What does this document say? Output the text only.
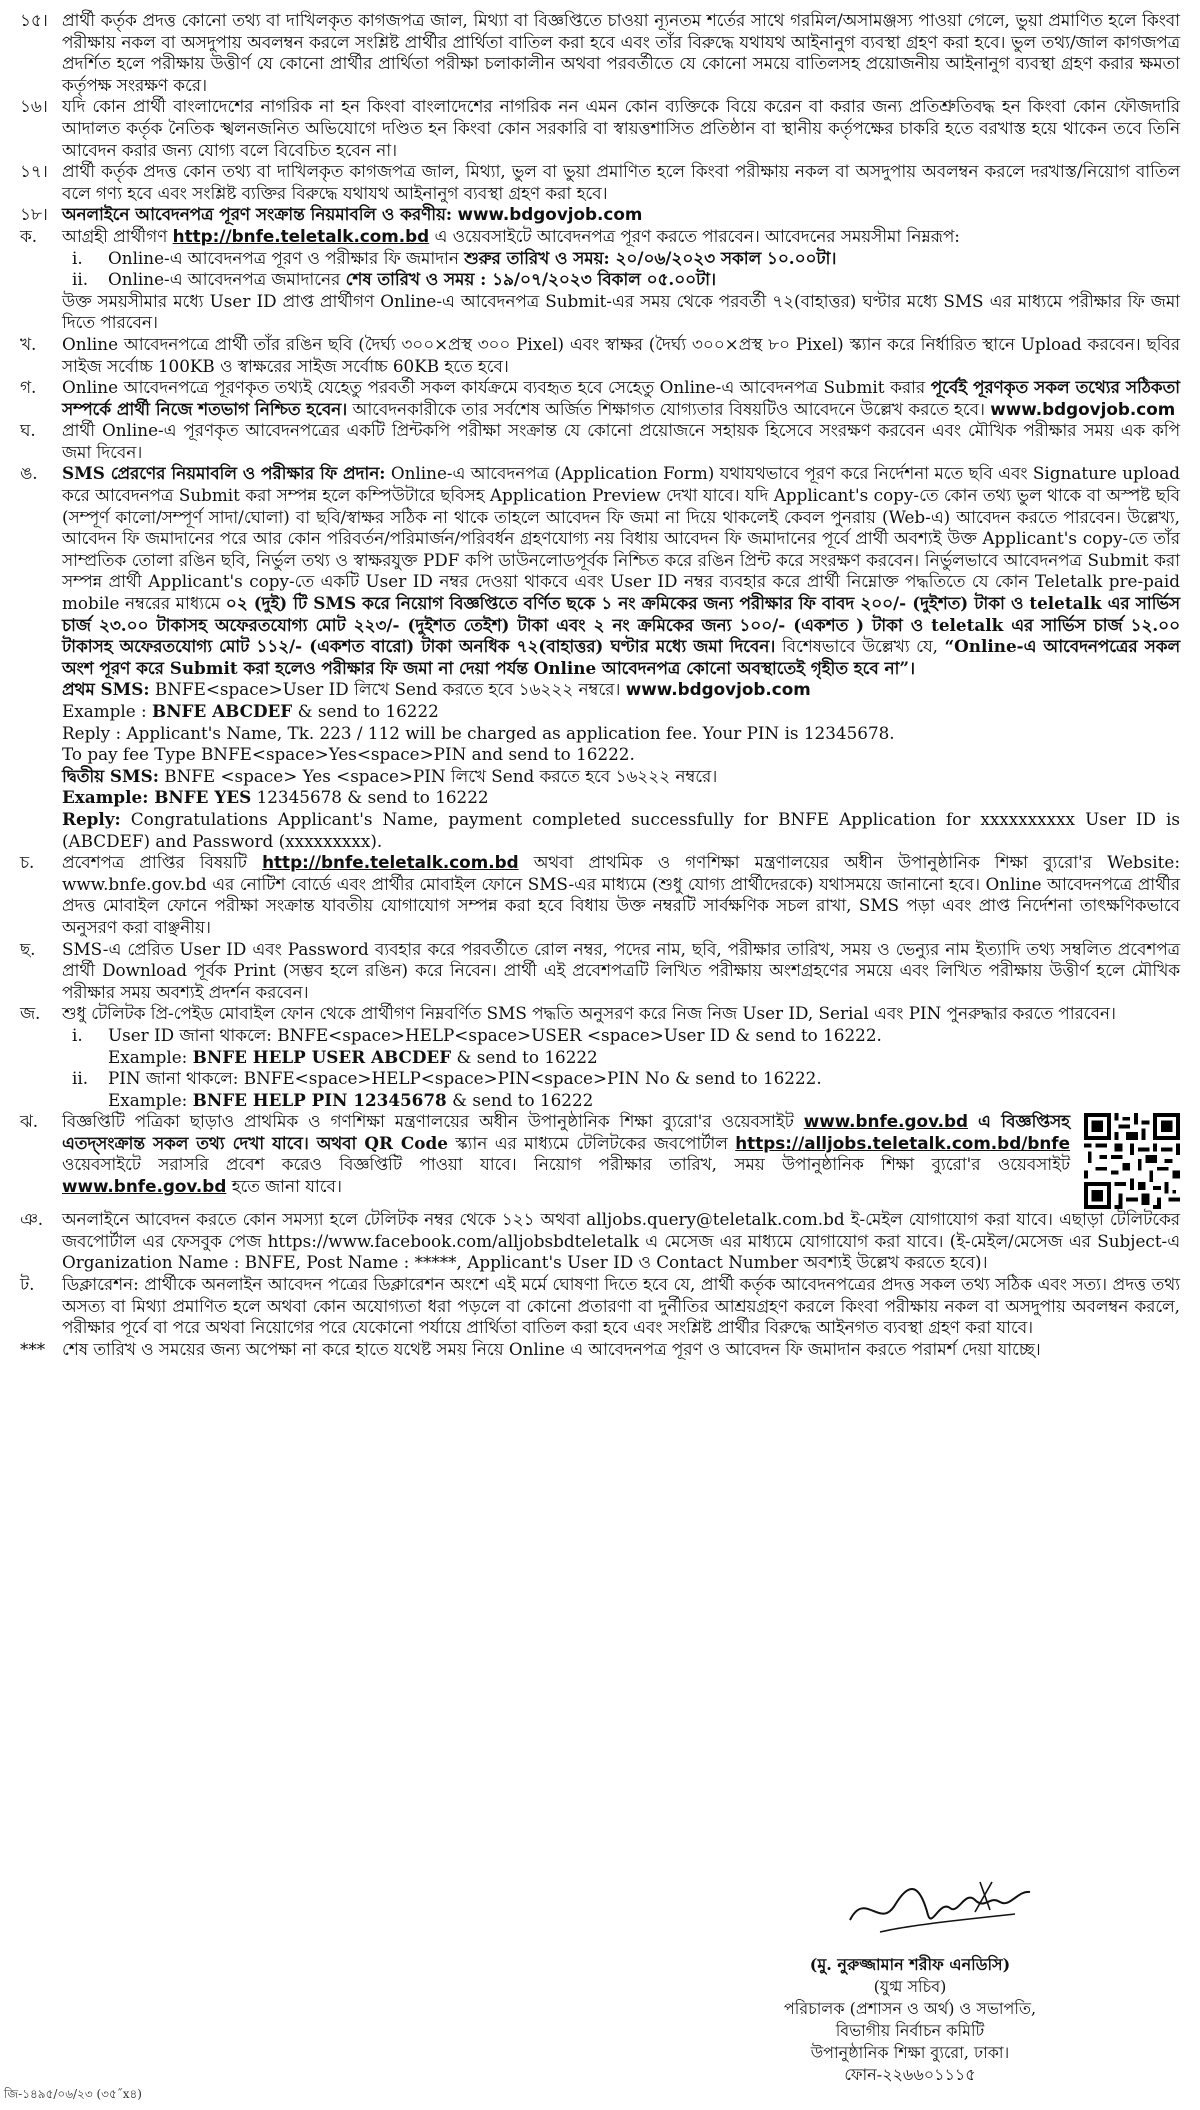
১৫। প্রার্থী কর্তৃক প্রদত্ত কোনো তথ্য বা দাখিলকৃত কাগজপত্র জাল, মিথ্যা বা বিজ্ঞপ্তিতে চাওয়া ন্যূনতম শর্তের সাথে গরমিল/অসামঞ্জস্য পাওয়া গেলে, ভুয়া প্রমাণিত হলে কিংবা পরীক্ষায় নকল বা অসদুপায় অবলম্বন করলে সংশ্লিষ্ট প্রার্থীর প্রার্থিতা বাতিল করা হবে এবং তাঁর বিরুদ্ধে যথাযথ আইনানুগ ব্যবস্থা গ্রহণ করা হবে। ভুল তথ্য/জাল কাগজপত্র প্রদর্শিত হলে পরীক্ষায় উত্তীর্ণ যে কোনো প্রার্থীর প্রার্থিতা পরীক্ষা চলাকালীন অথবা পরবর্তীতে যে কোনো সময়ে বাতিলসহ প্রয়োজনীয় আইনানুগ ব্যবস্থা গ্রহণ করার ক্ষমতা কর্তৃপক্ষ সংরক্ষণ করে।
১৬। যদি কোন প্রার্থী বাংলাদেশের নাগরিক না হন কিংবা বাংলাদেশের নাগরিক নন এমন কোন ব্যক্তিকে বিয়ে করেন বা করার জন্য প্রতিশ্রুতিবদ্ধ হন কিংবা কোন ফৌজদারি আদালত কর্তৃক নৈতিক স্খলনজনিত অভিযোগে দণ্ডিত হন কিংবা কোন সরকারি বা স্বায়ত্তশাসিত প্রতিষ্ঠান বা স্থানীয় কর্তৃপক্ষের চাকরি হতে বরখাস্ত হয়ে থাকেন তবে তিনি আবেদন করার জন্য যোগ্য বলে বিবেচিত হবেন না।
১৭। প্রার্থী কর্তৃক প্রদত্ত কোন তথ্য বা দাখিলকৃত কাগজপত্র জাল, মিথ্যা, ভুল বা ভুয়া প্রমাণিত হলে কিংবা পরীক্ষায় নকল বা অসদুপায় অবলম্বন করলে দরখাস্ত/নিয়োগ বাতিল বলে গণ্য হবে এবং সংশ্লিষ্ট ব্যক্তির বিরুদ্ধে যথাযথ আইনানুগ ব্যবস্থা গ্রহণ করা হবে।
১৮। অনলাইনে আবেদনপত্র পূরণ সংক্রান্ত নিয়মাবলি ও করণীয়: www.bdgovjob.com
ক.	আগ্রহী প্রার্থীগণ http://bnfe.teletalk.com.bd এ ওয়েবসাইটে আবেদনপত্র পূরণ করতে পারবেন। আবেদনের সময়সীমা নিম্নরূপ:
i.	Online-এ আবেদনপত্র পূরণ ও পরীক্ষার ফি জমাদান শুরুর তারিখ ও সময়: ২০/০৬/২০২৩ সকাল ১০.০০টা।
ii.	Online-এ আবেদনপত্র জমাদানের শেষ তারিখ ও সময় : ১৯/০৭/২০২৩ বিকাল ০৫.০০টা।
উক্ত সময়সীমার মধ্যে User ID প্রাপ্ত প্রার্থীগণ Online-এ আবেদনপত্র Submit-এর সময় থেকে পরবর্তী ৭২(বাহাত্তর) ঘণ্টার মধ্যে SMS এর মাধ্যমে পরীক্ষার ফি জমা দিতে পারবেন।
খ.	Online আবেদনপত্রে প্রার্থী তাঁর রঙিন ছবি (দৈর্ঘ্য ৩০০×প্রস্থ ৩০০ Pixel) এবং স্বাক্ষর (দৈর্ঘ্য ৩০০×প্রস্থ ৮০ Pixel) স্ক্যান করে নির্ধারিত স্থানে Upload করবেন। ছবির সাইজ সর্বোচ্চ 100KB ও স্বাক্ষরের সাইজ সর্বোচ্চ 60KB হতে হবে।
গ.	Online আবেদনপত্রে পূরণকৃত তথ্যই যেহেতু পরবর্তী সকল কার্যক্রমে ব্যবহৃত হবে সেহেতু Online-এ আবেদনপত্র Submit করার পূর্বেই পূরণকৃত সকল তথ্যের সঠিকতা সম্পর্কে প্রার্থী নিজে শতভাগ নিশ্চিত হবেন। আবেদনকারীকে তার সর্বশেষ অর্জিত শিক্ষাগত যোগ্যতার বিষয়টিও আবেদনে উল্লেখ করতে হবে। www.bdgovjob.com
ঘ.	প্রার্থী Online-এ পূরণকৃত আবেদনপত্রের একটি প্রিন্টকপি পরীক্ষা সংক্রান্ত যে কোনো প্রয়োজনে সহায়ক হিসেবে সংরক্ষণ করবেন এবং মৌখিক পরীক্ষার সময় এক কপি জমা দিবেন।
ঙ.	SMS প্রেরণের নিয়মাবলি ও পরীক্ষার ফি প্রদান: Online-এ আবেদনপত্র (Application Form) যথাযথভাবে পূরণ করে নির্দেশনা মতে ছবি এবং Signature upload করে আবেদনপত্র Submit করা সম্পন্ন হলে কম্পিউটারে ছবিসহ Application Preview দেখা যাবে। যদি Applicant's copy-তে কোন তথ্য ভুল থাকে বা অস্পষ্ট ছবি (সম্পূর্ণ কালো/সম্পূর্ণ সাদা/ঘোলা) বা ছবি/স্বাক্ষর সঠিক না থাকে তাহলে আবেদন ফি জমা না দিয়ে থাকলেই কেবল পুনরায় (Web-এ) আবেদন করতে পারবেন। উল্লেখ্য, আবেদন ফি জমাদানের পরে আর কোন পরিবর্তন/পরিমার্জন/পরিবর্ধন গ্রহণযোগ্য নয় বিধায় আবেদন ফি জমাদানের পূর্বে প্রার্থী অবশ্যই উক্ত Applicant's copy-তে তাঁর সাম্প্রতিক তোলা রঙিন ছবি, নির্ভুল তথ্য ও স্বাক্ষরযুক্ত PDF কপি ডাউনলোডপূর্বক নিশ্চিত করে রঙিন প্রিন্ট করে সংরক্ষণ করবেন। নির্ভুলভাবে আবেদনপত্র Submit করা সম্পন্ন প্রার্থী Applicant's copy-তে একটি User ID নম্বর দেওয়া থাকবে এবং User ID নম্বর ব্যবহার করে প্রার্থী নিম্নোক্ত পদ্ধতিতে যে কোন Teletalk pre-paid mobile নম্বরের মাধ্যমে ০২ (দুই) টি SMS করে নিয়োগ বিজ্ঞপ্তিতে বর্ণিত ছকে ১ নং ক্রমিকের জন্য পরীক্ষার ফি বাবদ ২০০/- (দুইশত) টাকা ও teletalk এর সার্ভিস চার্জ ২৩.০০ টাকাসহ অফেরতযোগ্য মোট ২২৩/- (দুইশত তেইশ) টাকা এবং ২ নং ক্রমিকের জন্য ১০০/- (একশত ) টাকা ও teletalk এর সার্ভিস চার্জ ১২.০০ টাকাসহ অফেরতযোগ্য মোট ১১২/- (একশত বারো) টাকা অনধিক ৭২(বাহাত্তর) ঘণ্টার মধ্যে জমা দিবেন। বিশেষভাবে উল্লেখ্য যে, “Online-এ আবেদনপত্রের সকল অংশ পূরণ করে Submit করা হলেও পরীক্ষার ফি জমা না দেয়া পর্যন্ত Online আবেদনপত্র কোনো অবস্থাতেই গৃহীত হবে না”।
প্রথম SMS: BNFE<space>User ID লিখে Send করতে হবে ১৬২২২ নম্বরে। www.bdgovjob.com
Example : BNFE ABCDEF & send to 16222
Reply : Applicant's Name, Tk. 223 / 112 will be charged as application fee. Your PIN is 12345678.
To pay fee Type BNFE<space>Yes<space>PIN and send to 16222.
দ্বিতীয় SMS: BNFE <space> Yes <space>PIN লিখে Send করতে হবে ১৬২২২ নম্বরে।
Example: BNFE YES 12345678 & send to 16222
Reply: Congratulations Applicant's Name, payment completed successfully for BNFE Application for xxxxxxxxxx User ID is (ABCDEF) and Password (xxxxxxxxx).
চ.	প্রবেশপত্র প্রাপ্তির বিষয়টি http://bnfe.teletalk.com.bd অথবা প্রাথমিক ও গণশিক্ষা মন্ত্রণালয়ের অধীন উপানুষ্ঠানিক শিক্ষা ব্যুরো'র Website: www.bnfe.gov.bd এর নোটিশ বোর্ডে এবং প্রার্থীর মোবাইল ফোনে SMS-এর মাধ্যমে (শুধু যোগ্য প্রার্থীদেরকে) যথাসময়ে জানানো হবে। Online আবেদনপত্রে প্রার্থীর প্রদত্ত মোবাইল ফোনে পরীক্ষা সংক্রান্ত যাবতীয় যোগাযোগ সম্পন্ন করা হবে বিধায় উক্ত নম্বরটি সার্বক্ষণিক সচল রাখা, SMS পড়া এবং প্রাপ্ত নির্দেশনা তাৎক্ষণিকভাবে অনুসরণ করা বাঞ্ছনীয়।
ছ.	SMS-এ প্রেরিত User ID এবং Password ব্যবহার করে পরবর্তীতে রোল নম্বর, পদের নাম, ছবি, পরীক্ষার তারিখ, সময় ও ভেন্যুর নাম ইত্যাদি তথ্য সম্বলিত প্রবেশপত্র প্রার্থী Download পূর্বক Print (সম্ভব হলে রঙিন) করে নিবেন। প্রার্থী এই প্রবেশপত্রটি লিখিত পরীক্ষায় অংশগ্রহণের সময়ে এবং লিখিত পরীক্ষায় উত্তীর্ণ হলে মৌখিক পরীক্ষার সময় অবশ্যই প্রদর্শন করবেন।
জ.	শুধু টেলিটক প্রি-পেইড মোবাইল ফোন থেকে প্রার্থীগণ নিম্নবর্ণিত SMS পদ্ধতি অনুসরণ করে নিজ নিজ User ID, Serial এবং PIN পুনরুদ্ধার করতে পারবেন।
i.	User ID জানা থাকলে: BNFE<space>HELP<space>USER <space>User ID & send to 16222.
Example: BNFE HELP USER ABCDEF & send to 16222
ii.	PIN জানা থাকলে: BNFE<space>HELP<space>PIN<space>PIN No & send to 16222.
Example: BNFE HELP PIN 12345678 & send to 16222
ঝ.	বিজ্ঞপ্তিটি পত্রিকা ছাড়াও প্রাথমিক ও গণশিক্ষা মন্ত্রণালয়ের অধীন উপানুষ্ঠানিক শিক্ষা ব্যুরো'র ওয়েবসাইট www.bnfe.gov.bd এ বিজ্ঞপ্তিসহ এতদ্‌সংক্রান্ত সকল তথ্য দেখা যাবে। অথবা QR Code স্ক্যান এর মাধ্যমে টেলিটকের জবপোর্টাল https://alljobs.teletalk.com.bd/bnfe ওয়েবসাইটে সরাসরি প্রবেশ করেও বিজ্ঞপ্তিটি পাওয়া যাবে। নিয়োগ পরীক্ষার তারিখ, সময় উপানুষ্ঠানিক শিক্ষা ব্যুরো'র ওয়েবসাইট www.bnfe.gov.bd হতে জানা যাবে।
ঞ.	অনলাইনে আবেদন করতে কোন সমস্যা হলে টেলিটক নম্বর থেকে ১২১ অথবা alljobs.query@teletalk.com.bd ই-মেইল যোগাযোগ করা যাবে। এছাড়া টেলিটকের জবপোর্টাল এর ফেসবুক পেজ https://www.facebook.com/alljobsbdteletalk এ মেসেজ এর মাধ্যমে যোগাযোগ করা যাবে। (ই-মেইল/মেসেজ এর Subject-এ Organization Name : BNFE, Post Name : *****, Applicant's User ID ও Contact Number অবশ্যই উল্লেখ করতে হবে)।
ট.	ডিক্লারেশন: প্রার্থীকে অনলাইন আবেদন পত্রের ডিক্লারেশন অংশে এই মর্মে ঘোষণা দিতে হবে যে, প্রার্থী কর্তৃক আবেদনপত্রের প্রদত্ত সকল তথ্য সঠিক এবং সত্য। প্রদত্ত তথ্য অসত্য বা মিথ্যা প্রমাণিত হলে অথবা কোন অযোগ্যতা ধরা পড়লে বা কোনো প্রতারণা বা দুর্নীতির আশ্রয়গ্রহণ করলে কিংবা পরীক্ষায় নকল বা অসদুপায় অবলম্বন করলে, পরীক্ষার পূর্বে বা পরে অথবা নিয়োগের পরে যেকোনো পর্যায়ে প্রার্থিতা বাতিল করা হবে এবং সংশ্লিষ্ট প্রার্থীর বিরুদ্ধে আইনগত ব্যবস্থা গ্রহণ করা যাবে।
***	শেষ তারিখ ও সময়ের জন্য অপেক্ষা না করে হাতে যথেষ্ট সময় নিয়ে Online এ আবেদনপত্র পূরণ ও আবেদন ফি জমাদান করতে পরামর্শ দেয়া যাচ্ছে।
(মু. নুরুজ্জামান শরীফ এনডিসি)
(যুগ্ম সচিব)
পরিচালক (প্রশাসন ও অর্থ) ও সভাপতি,
বিভাগীয় নির্বাচন কমিটি
উপানুষ্ঠানিক শিক্ষা ব্যুরো, ঢাকা।
ফোন-২২৬৬০১১১৫
জি-১৪৯৫/০৬/২৩ (৩৫˝x৪)
